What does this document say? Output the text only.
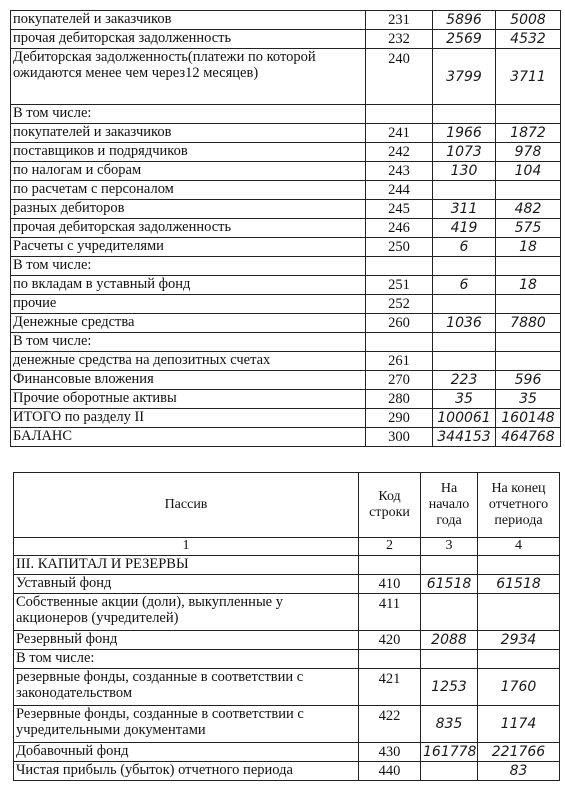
покупателей и заказчиков	231	5896	5008
прочая дебиторская задолженность	232	2569	4532
Дебиторская задолженность(платежи по которой ожидаются менее чем через12 месяцев)	240	3799	3711
В том числе:			
покупателей и заказчиков	241	1966	1872
поставщиков и подрядчиков	242	1073	978
по налогам и сборам	243	130	104
по расчетам с персоналом	244		
разных дебиторов	245	311	482
прочая дебиторская задолженность	246	419	575
Расчеты с учредителями	250	6	18
В том числе:			
по вкладам в уставный фонд	251	6	18
прочие	252		
Денежные средства	260	1036	7880
В том числе:			
денежные средства на депозитных счетах	261		
Финансовые вложения	270	223	596
Прочие оборотные активы	280	35	35
ИТОГО по разделу II	290	100061	160148
БАЛАНС	300	344153	464768
Пассив	Код строки	На начало года	На конец отчетного периода
1	2	3	4
III. КАПИТАЛ И РЕЗЕРВЫ			
Уставный фонд	410	61518	61518
Собственные акции (доли), выкупленные у акционеров (учредителей)	411		
Резервный фонд	420	2088	2934
В том числе:			
резервные фонды, созданные в соответствии с законодательством	421	1253	1760
Резервные фонды, созданные в соответствии с учредительными документами	422	835	1174
Добавочный фонд	430	161778	221766
Чистая прибыль (убыток) отчетного периода	440		83
